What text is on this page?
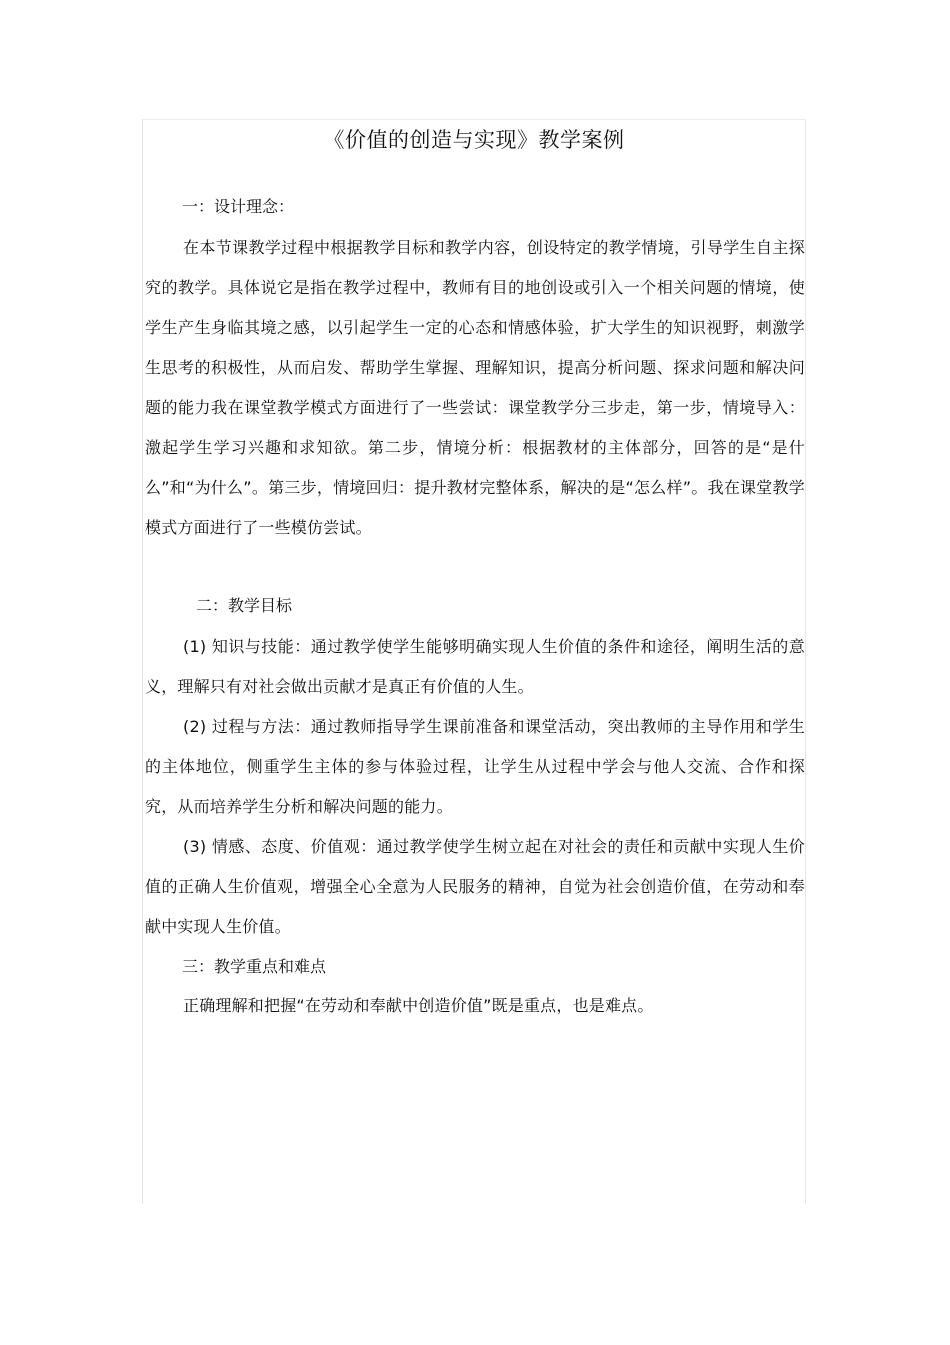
《价值的创造与实现》教学案例
一：设计理念：

在本节课教学过程中根据教学目标和教学内容，创设特定的教学情境，引导学生自主探究的教学。具体说它是指在教学过程中，教师有目的地创设或引入一个相关问题的情境，使学生产生身临其境之感，以引起学生一定的心态和情感体验，扩大学生的知识视野，刺激学生思考的积极性，从而启发、帮助学生掌握、理解知识，提高分析问题、探求问题和解决问题的能力我在课堂教学模式方面进行了一些尝试：课堂教学分三步走，第一步，情境导入：激起学生学习兴趣和求知欲。第二步，情境分析：根据教材的主体部分，回答的是“是什么”和“为什么”。第三步，情境回归：提升教材完整体系，解决的是“怎么样”。我在课堂教学模式方面进行了一些模仿尝试。

二：教学目标

(1) 知识与技能：通过教学使学生能够明确实现人生价值的条件和途径，阐明生活的意义，理解只有对社会做出贡献才是真正有价值的人生。

(2) 过程与方法：通过教师指导学生课前准备和课堂活动，突出教师的主导作用和学生的主体地位，侧重学生主体的参与体验过程，让学生从过程中学会与他人交流、合作和探究，从而培养学生分析和解决问题的能力。

(3) 情感、态度、价值观：通过教学使学生树立起在对社会的责任和贡献中实现人生价值的正确人生价值观，增强全心全意为人民服务的精神，自觉为社会创造价值，在劳动和奉献中实现人生价值。

三：教学重点和难点

正确理解和把握“在劳动和奉献中创造价值”既是重点，也是难点。
